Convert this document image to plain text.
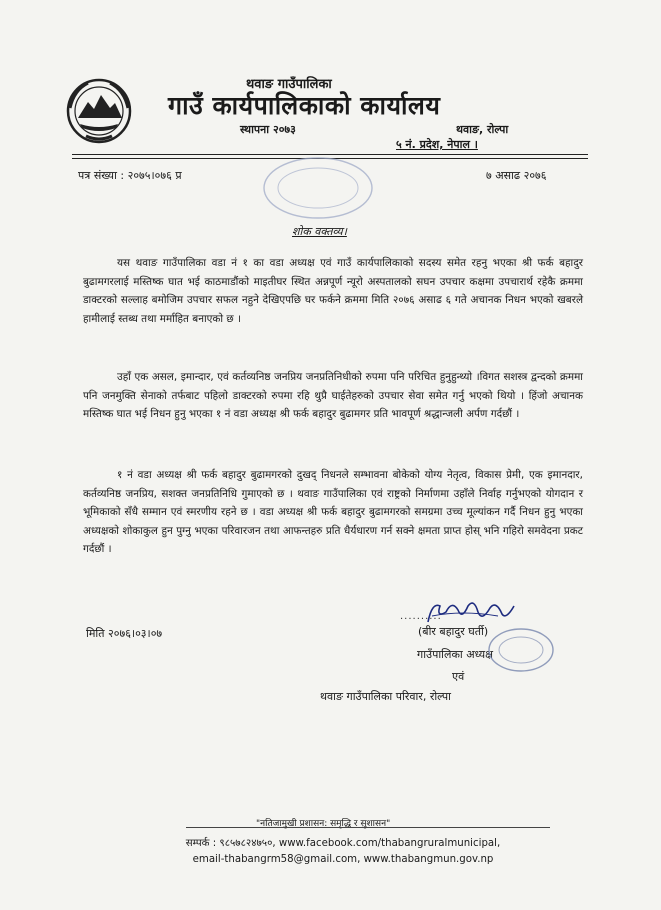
थवाङ गाउँपालिका
गाउँ कार्यपालिकाको कार्यालय
स्थापना २०७३	थवाङ, रोल्पा
५ नं. प्रदेश, नेपाल ।
पत्र संख्या : २०७५।०७६ प्र	७ असाढ २०७६
शोक वक्तव्य।

यस थवाङ गाउँपालिका वडा नं १ का वडा अध्यक्ष एवं गाउँ कार्यपालिकाको सदस्य समेत रहनु भएका श्री फर्क बहादुर बुढामगरलाई मस्तिष्क घात भई काठमाडौंको माइतीघर स्थित अन्नपूर्ण न्यूरो अस्पतालको सघन उपचार कक्षमा उपचारार्थ रहेकै क्रममा डाक्टरको सल्लाह बमोजिम उपचार सफल नहुने देखिएपछि घर फर्कने क्रममा मिति २०७६ असाढ ६ गते अचानक निधन भएको खबरले हामीलाई स्तब्ध तथा मर्माहित बनाएको छ ।

उहाँ एक असल, इमान्दार, एवं कर्तव्यनिष्ठ जनप्रिय जनप्रतिनिधीको रुपमा पनि परिचित हुनुहुन्थ्यो ।विगत सशस्त्र द्वन्दको क्रममा पनि जनमुक्ति सेनाको तर्फबाट पहिलो डाक्टरको रुपमा रहि थुप्रै घाईतेहरुको उपचार सेवा समेत गर्नु भएको थियो । हिंजो अचानक मस्तिष्क घात भई निधन हुनु भएका १ नं वडा अध्यक्ष श्री फर्क बहादुर बुढामगर प्रति भावपूर्ण श्रद्धान्जली अर्पण गर्दछौं ।

१ नं वडा अध्यक्ष श्री फर्क बहादुर बुढामगरको दुखद् निधनले सम्भावना बोकेको योग्य नेतृत्व, विकास प्रेमी, एक इमानदार, कर्तव्यनिष्ठ जनप्रिय, सशक्त जनप्रतिनिधि गुमाएको छ । थवाङ गाउँपालिका एवं राष्ट्रको निर्माणमा उहाँले निर्वाह गर्नुभएको योगदान र भूमिकाको सँधै सम्मान एवं स्मरणीय रहने छ । वडा अध्यक्ष श्री फर्क बहादुर बुढामगरको समग्रमा उच्च मूल्यांकन गर्दै निधन हुनु भएका अध्यक्षको शोकाकुल हुन पुग्नु भएका परिवारजन तथा आफन्तहरु प्रति धैर्यधारण गर्न सक्ने क्षमता प्राप्त होस् भनि गहिरो समवेदना प्रकट गर्दछौं ।

मिति २०७६।०३।०७
..........
(बीर बहादुर घर्ती)
गाउँपालिका अध्यक्ष
एवं
थवाङ गाउँपालिका परिवार, रोल्पा
"नतिजामुखी प्रशासन: समृद्धि र सुशासन"
सम्पर्क : ९८५७८२४७५०, www.facebook.com/thabangruralmunicipal,
email-thabangrm58@gmail.com, www.thabangmun.gov.np
